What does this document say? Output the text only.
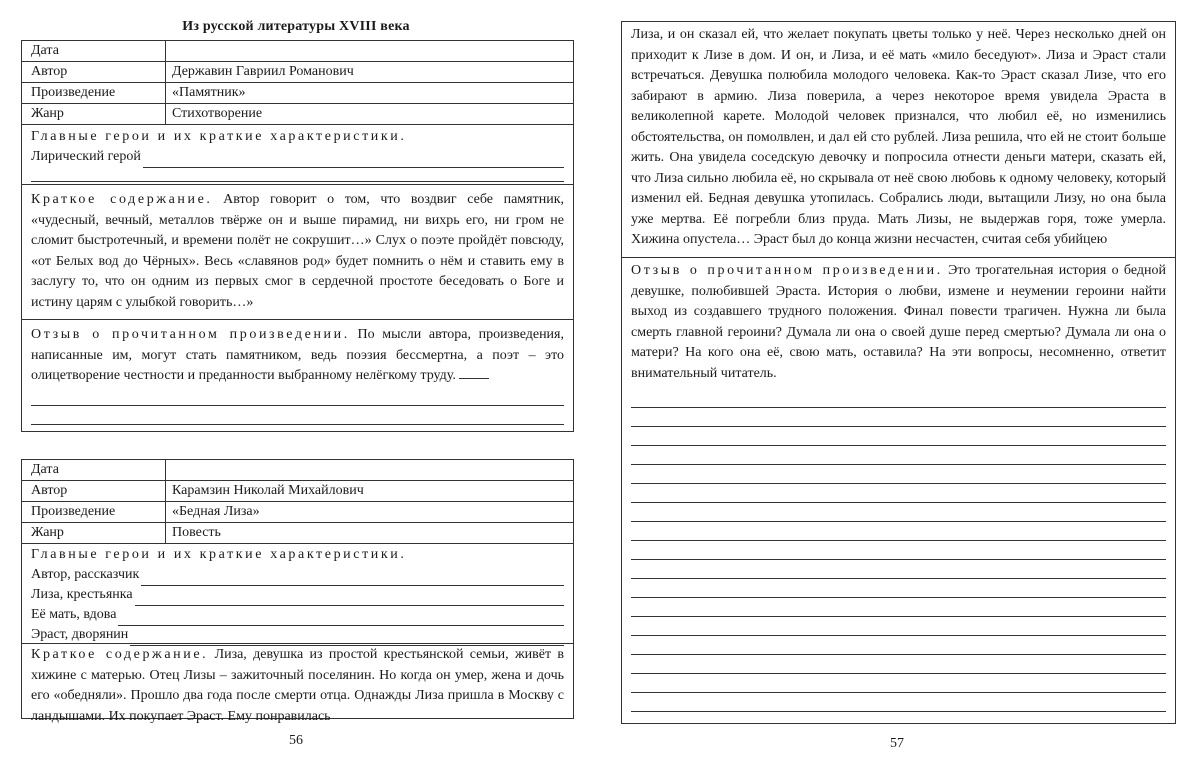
Из русской литературы XVIII века
Дата
Автор	Державин Гавриил Романович
Произведение	«Памятник»
Жанр	Стихотворение
Главные герои и их краткие характеристики.
Лирический герой
Краткое содержание. Автор говорит о том, что воздвиг себе памятник, «чудесный, вечный, металлов твёрже он и выше пирамид, ни вихрь его, ни гром не сломит быстротечный, и времени полёт не сокрушит…» Слух о поэте пройдёт повсюду, «от Белых вод до Чёрных». Весь «славянов род» будет помнить о нём и ставить ему в заслугу то, что он одним из первых смог в сердечной простоте беседовать о Боге и истину царям с улыбкой говорить…»
Отзыв о прочитанном произведении. По мысли автора, произведения, написанные им, могут стать памятником, ведь поэзия бессмертна, а поэт – это олицетворение честности и преданности выбранному нелёгкому труду.
Дата
Автор	Карамзин Николай Михайлович
Произведение	«Бедная Лиза»
Жанр	Повесть
Главные герои и их краткие характеристики.
Автор, рассказчик
Лиза, крестьянка
Её мать, вдова
Эраст, дворянин
Краткое содержание. Лиза, девушка из простой крестьянской семьи, живёт в хижине с матерью. Отец Лизы – зажиточный поселянин. Но когда он умер, жена и дочь его «обедняли». Прошло два года после смерти отца. Однажды Лиза пришла в Москву с ландышами. Их покупает Эраст. Ему понравилась
56
Лиза, и он сказал ей, что желает покупать цветы только у неё. Через несколько дней он приходит к Лизе в дом. И он, и Лиза, и её мать «мило беседуют». Лиза и Эраст стали встречаться. Девушка полюбила молодого человека. Как-то Эраст сказал Лизе, что его забирают в армию. Лиза поверила, а через некоторое время увидела Эраста в великолепной карете. Молодой человек признался, что любил её, но изменились обстоятельства, он помолвлен, и дал ей сто рублей. Лиза решила, что ей не стоит больше жить. Она увидела соседскую девочку и попросила отнести деньги матери, сказать ей, что Лиза сильно любила её, но скрывала от неё свою любовь к одному человеку, который изменил ей. Бедная девушка утопилась. Собрались люди, вытащили Лизу, но она была уже мертва. Её погребли близ пруда. Мать Лизы, не выдержав горя, тоже умерла. Хижина опустела… Эраст был до конца жизни несчастен, считая себя убийцею
Отзыв о прочитанном произведении. Это трогательная история о бедной девушке, полюбившей Эраста. История о любви, измене и неумении героини найти выход из создавшего трудного положения. Финал повести трагичен. Нужна ли была смерть главной героини? Думала ли она о своей душе перед смертью? Думала ли она о матери? На кого она её, свою мать, оставила? На эти вопросы, несомненно, ответит внимательный читатель.
57
